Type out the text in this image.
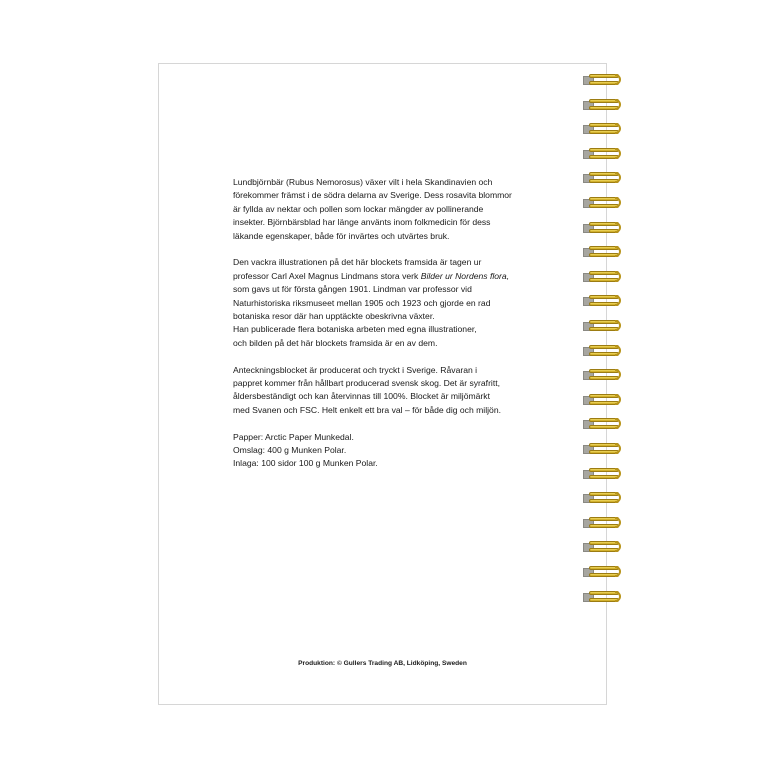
Lundbjörnbär (Rubus Nemorosus) växer vilt i hela Skandinavien och
förekommer främst i de södra delarna av Sverige. Dess rosavita blommor
är fyllda av nektar och pollen som lockar mängder av pollinerande
insekter. Björnbärsblad har länge använts inom folkmedicin för dess
läkande egenskaper, både för invärtes och utvärtes bruk.

Den vackra illustrationen på det här blockets framsida är tagen ur
professor Carl Axel Magnus Lindmans stora verk Bilder ur Nordens flora,
som gavs ut för första gången 1901. Lindman var professor vid
Naturhistoriska riksmuseet mellan 1905 och 1923 och gjorde en rad
botaniska resor där han upptäckte obeskrivna växter.
Han publicerade flera botaniska arbeten med egna illustrationer,
och bilden på det här blockets framsida är en av dem.

Anteckningsblocket är producerat och tryckt i Sverige. Råvaran i
pappret kommer från hållbart producerad svensk skog. Det är syrafritt,
åldersbeständigt och kan återvinnas till 100%. Blocket är miljömärkt
med Svanen och FSC. Helt enkelt ett bra val – för både dig och miljön.

Papper: Arctic Paper Munkedal.
Omslag: 400 g Munken Polar.
Inlaga: 100 sidor 100 g Munken Polar.

Produktion: © Gullers Trading AB, Lidköping, Sweden
